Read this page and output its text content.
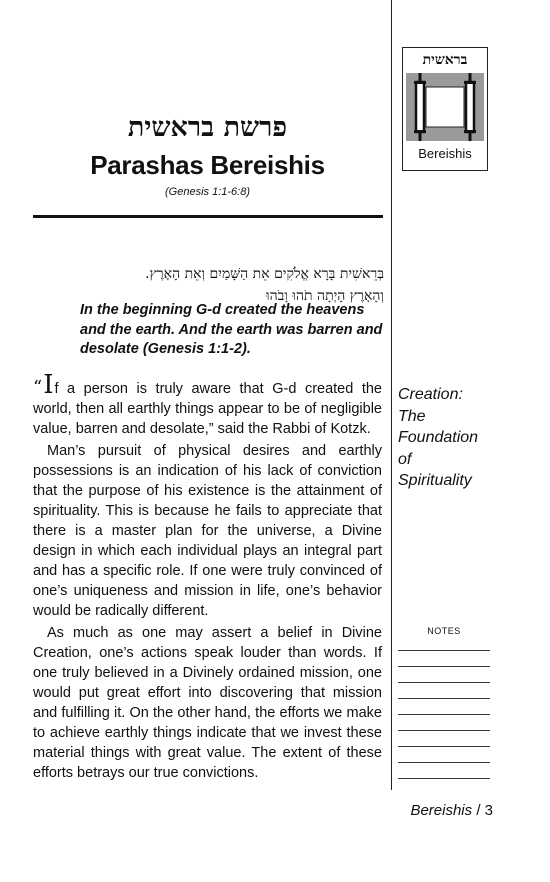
בראשית
Bereishis
פרשת בראשית
Parashas Bereishis
(Genesis 1:1-6:8)
בְּרֵאשִׁית בָּרָא אֱלֹקִים אֵת הַשָּׁמַיִם וְאֵת הָאָרֶץ.
וְהָאָרֶץ הָיְתָה תֹהוּ וָבֹהוּ
In the beginning G-d created the heavens and the earth. And the earth was barren and desolate (Genesis 1:1-2).

“If a person is truly aware that G-d created the world, then all earthly things appear to be of negligible value, barren and desolate,” said the Rabbi of Kotzk.

Man’s pursuit of physical desires and earthly possessions is an indication of his lack of conviction that the purpose of his existence is the attainment of spirituality. This is because he fails to appreciate that there is a master plan for the universe, a Divine design in which each individual plays an integral part and has a specific role. If one were truly convinced of one’s uniqueness and mission in life, one’s behavior would be radically different.

As much as one may assert a belief in Divine Creation, one’s actions speak louder than words. If one truly believed in a Divinely ordained mission, one would put great effort into discovering that mission and fulfilling it. On the other hand, the efforts we make to achieve earthly things indicate that we invest these material things with great value. The extent of these efforts betrays our true convictions.

Creation:
The
Foundation
of
Spirituality
NOTES
Bereishis / 3
